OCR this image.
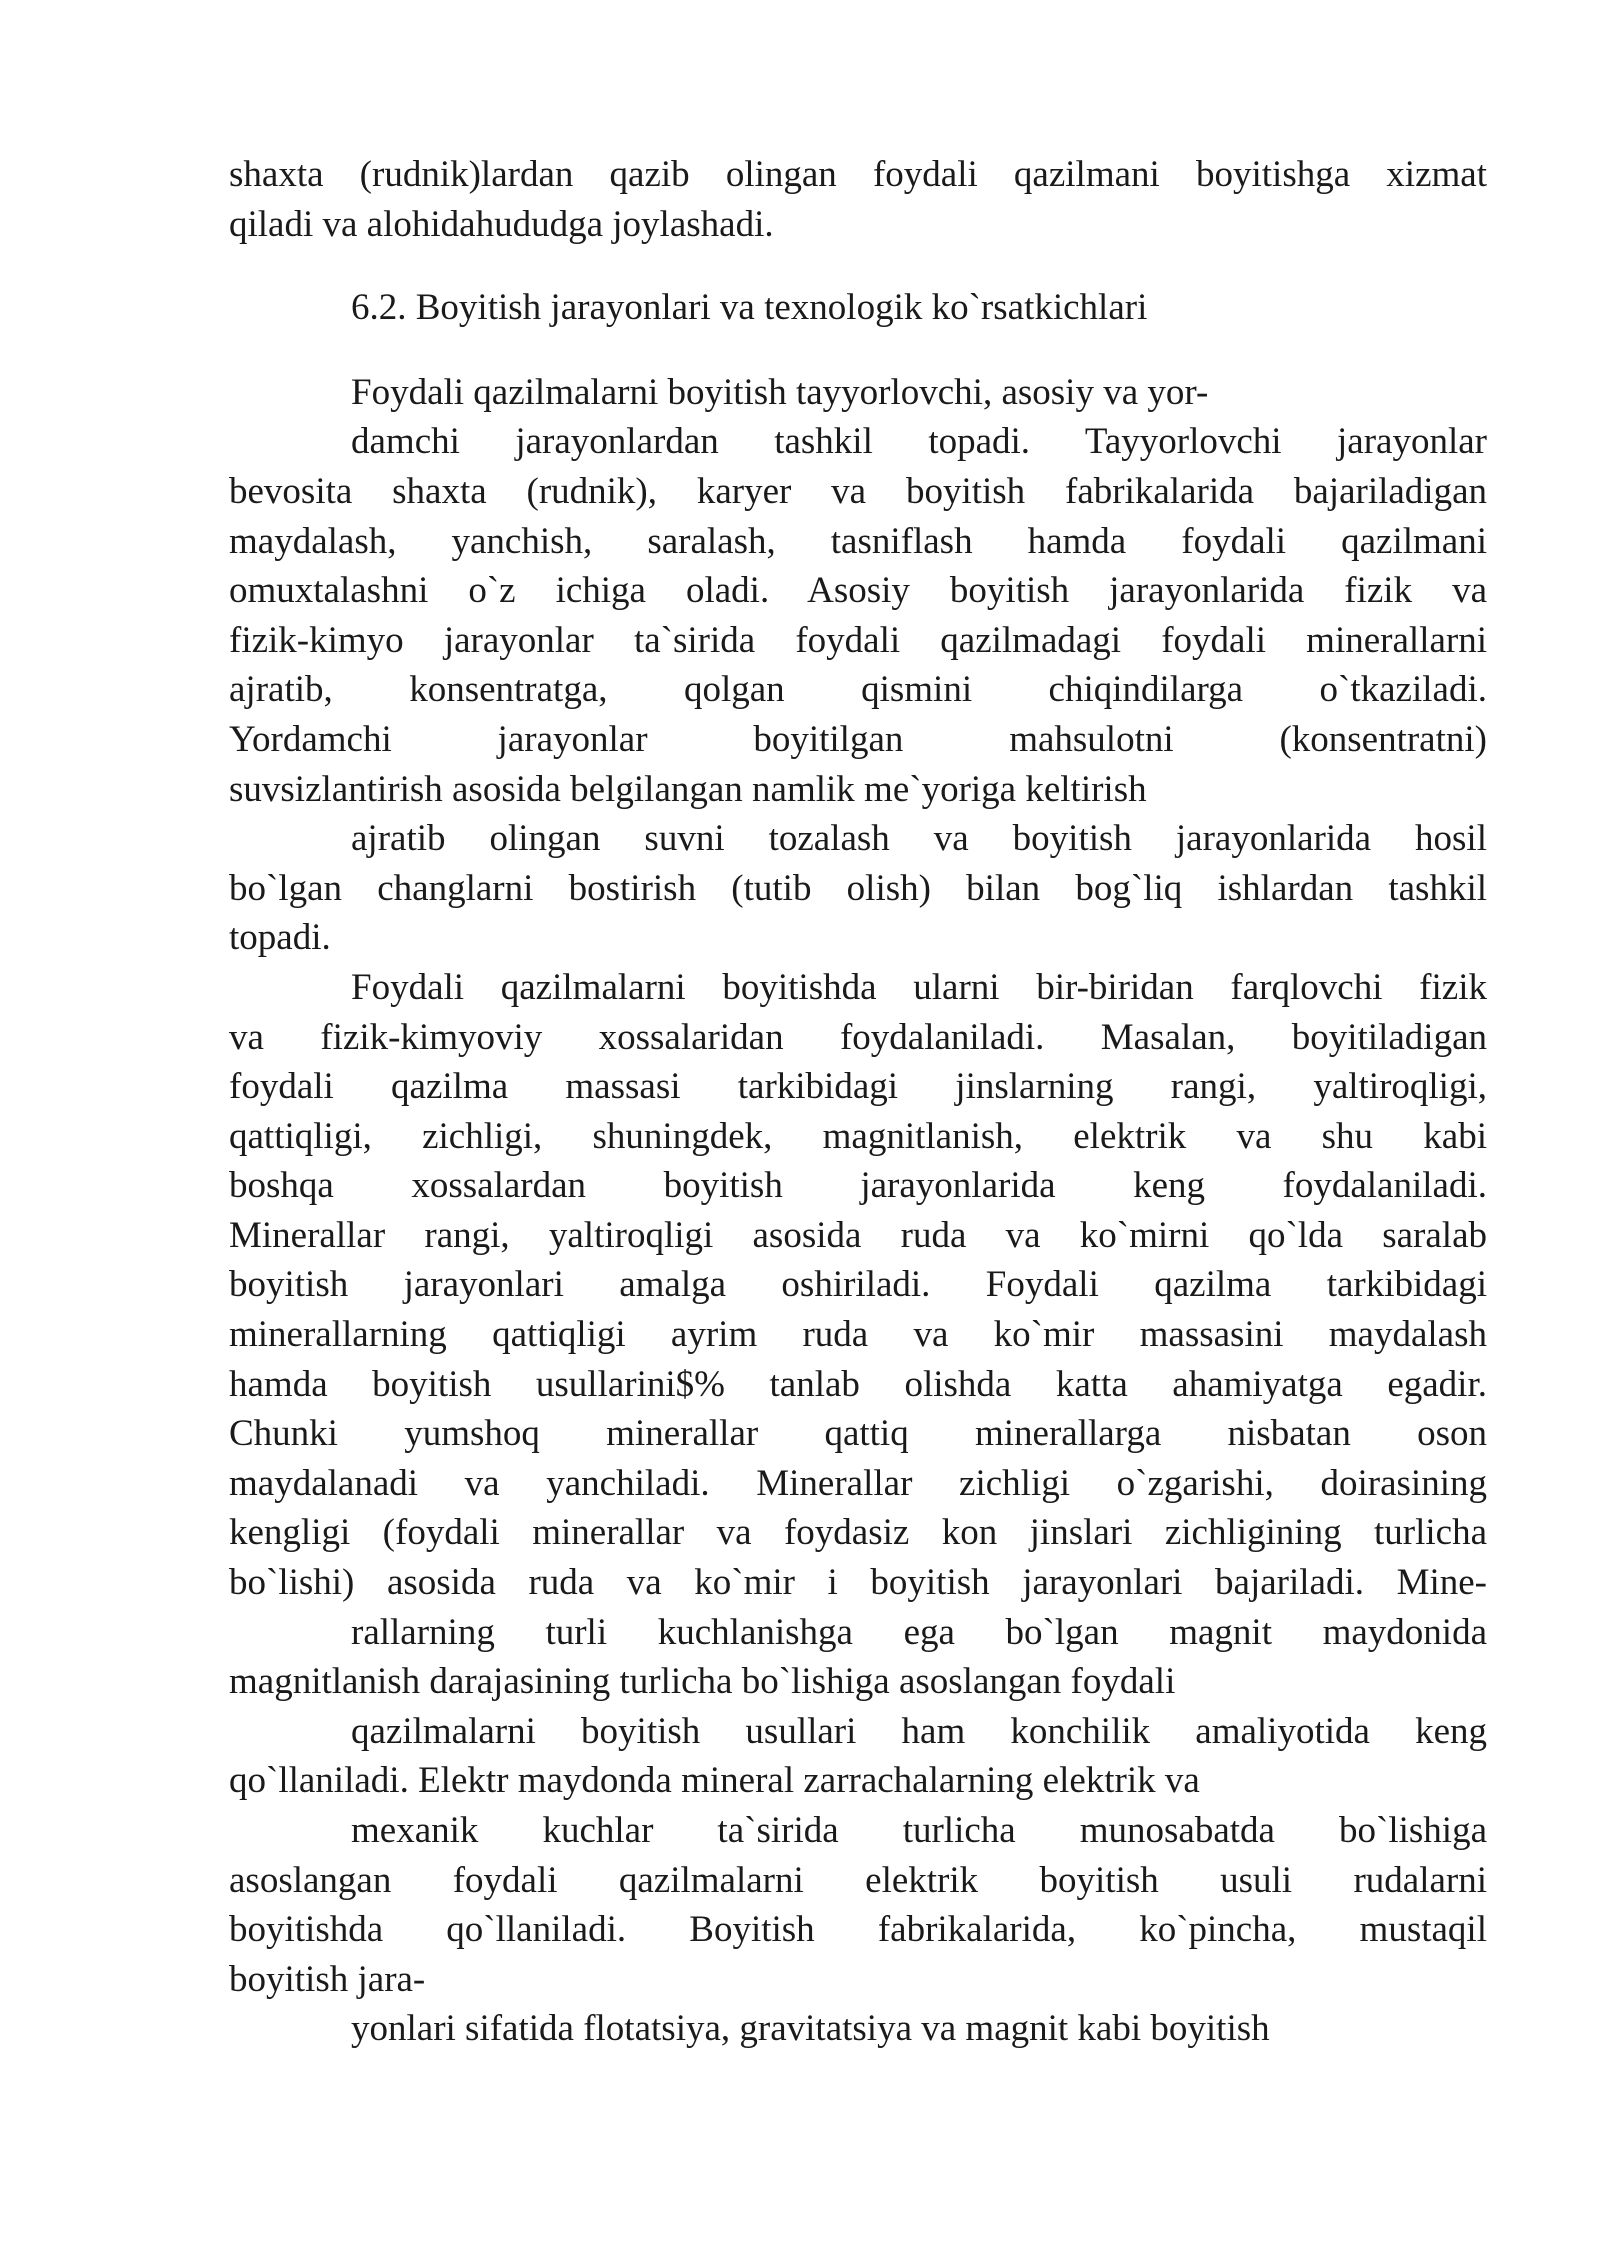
shaxta (rudnik)lardan qazib olingan foydali qazilmani boyitishga xizmat
qiladi va alohidahududga joylashadi.
6.2. Boyitish jarayonlari va texnologik ko`rsatkichlari
Foydali qazilmalarni boyitish tayyorlovchi, asosiy va yor-
damchi jarayonlardan tashkil topadi. Tayyorlovchi jarayonlar
bevosita shaxta (rudnik), karyer va boyitish fabrikalarida bajariladigan
maydalash, yanchish, saralash, tasniflash hamda foydali qazilmani
omuxtalashni o`z ichiga oladi. Asosiy boyitish jarayonlarida fizik va
fizik-kimyo jarayonlar ta`sirida foydali qazilmadagi foydali minerallarni
ajratib, konsentratga, qolgan qismini chiqindilarga o`tkaziladi.
Yordamchi jarayonlar boyitilgan mahsulotni (konsentratni)
suvsizlantirish asosida belgilangan namlik me`yoriga keltirish
ajratib olingan suvni tozalash va boyitish jarayonlarida hosil
bo`lgan changlarni bostirish (tutib olish) bilan bog`liq ishlardan tashkil
topadi.
Foydali qazilmalarni boyitishda ularni bir-biridan farqlovchi fizik
va fizik-kimyoviy xossalaridan foydalaniladi. Masalan, boyitiladigan
foydali qazilma massasi tarkibidagi jinslarning rangi, yaltiroqligi,
qattiqligi, zichligi, shuningdek, magnitlanish, elektrik va shu kabi
boshqa xossalardan boyitish jarayonlarida keng foydalaniladi.
Minerallar rangi, yaltiroqligi asosida ruda va ko`mirni qo`lda saralab
boyitish jarayonlari amalga oshiriladi. Foydali qazilma tarkibidagi
minerallarning qattiqligi ayrim ruda va ko`mir massasini maydalash
hamda boyitish usullarini$% tanlab olishda katta ahamiyatga egadir.
Chunki yumshoq minerallar qattiq minerallarga nisbatan oson
maydalanadi va yanchiladi. Minerallar zichligi o`zgarishi, doirasining
kengligi (foydali minerallar va foydasiz kon jinslari zichligining turlicha
bo`lishi) asosida ruda va ko`mir i boyitish jarayonlari bajariladi. Mine-
rallarning turli kuchlanishga ega bo`lgan magnit maydonida
magnitlanish darajasining turlicha bo`lishiga asoslangan foydali
qazilmalarni boyitish usullari ham konchilik amaliyotida keng
qo`llaniladi. Elektr maydonda mineral zarrachalarning elektrik va
mexanik kuchlar ta`sirida turlicha munosabatda bo`lishiga
asoslangan foydali qazilmalarni elektrik boyitish usuli rudalarni
boyitishda qo`llaniladi. Boyitish fabrikalarida, ko`pincha, mustaqil
boyitish jara-
yonlari sifatida flotatsiya, gravitatsiya va magnit kabi boyitish
